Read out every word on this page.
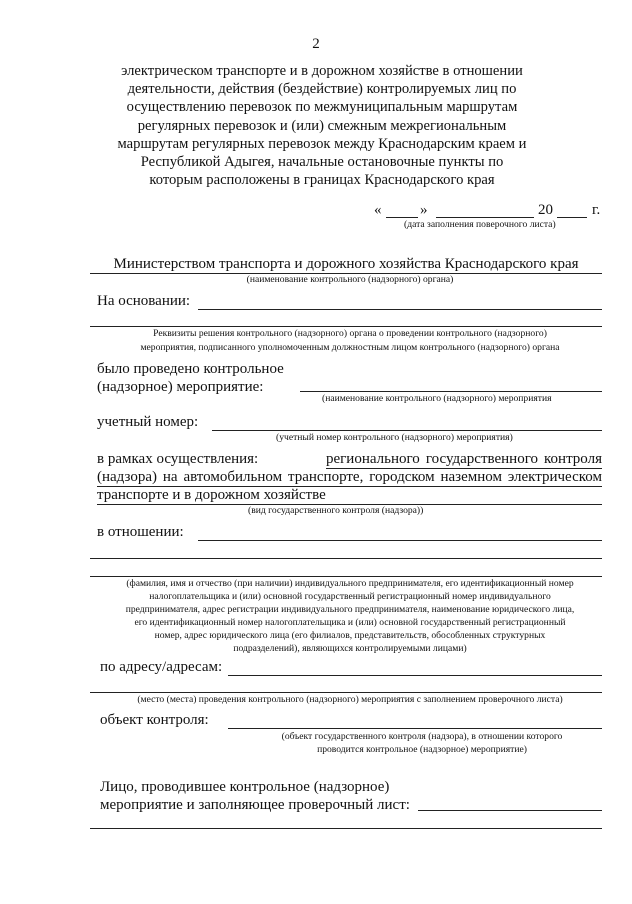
2
электрическом транспорте и в дорожном хозяйстве в отношении
деятельности, действия (бездействие) контролируемых лиц по
осуществлению перевозок по межмуниципальным маршрутам
регулярных перевозок и (или) смежным межрегиональным
маршрутам регулярных перевозок между Краснодарским краем и
Республикой Адыгея, начальные остановочные пункты по
которым расположены в границах Краснодарского края
«	»	20	г.
(дата заполнения поверочного листа)
Министерством транспорта и дорожного хозяйства Краснодарского края
(наименование контрольного (надзорного) органа)
На основании:
Реквизиты решения контрольного (надзорного) органа о проведении контрольного (надзорного)
мероприятия, подписанного уполномоченным должностным лицом контрольного (надзорного) органа
было проведено контрольное
(надзорное) мероприятие:
(наименование контрольного (надзорного) мероприятия
учетный номер:
(учетный номер контрольного (надзорного) мероприятия)
в рамках осуществления:	регионального государственного контроля
(надзора) на автомобильном транспорте, городском наземном электрическом
транспорте и в дорожном хозяйстве
(вид государственного контроля (надзора))
в отношении:
(фамилия, имя и отчество (при наличии) индивидуального предпринимателя, его идентификационный номер
налогоплательщика и (или) основной государственный регистрационный номер индивидуального
предпринимателя, адрес регистрации индивидуального предпринимателя, наименование юридического лица,
его идентификационный номер налогоплательщика и (или) основной государственный регистрационный
номер, адрес юридического лица (его филиалов, представительств, обособленных структурных
подразделений), являющихся контролируемыми лицами)
по адресу/адресам:
(место (места) проведения контрольного (надзорного) мероприятия с заполнением проверочного листа)
объект контроля:
(объект государственного контроля (надзора), в отношении которого
проводится контрольное (надзорное) мероприятие)
Лицо, проводившее контрольное (надзорное)
мероприятие и заполняющее проверочный лист:
